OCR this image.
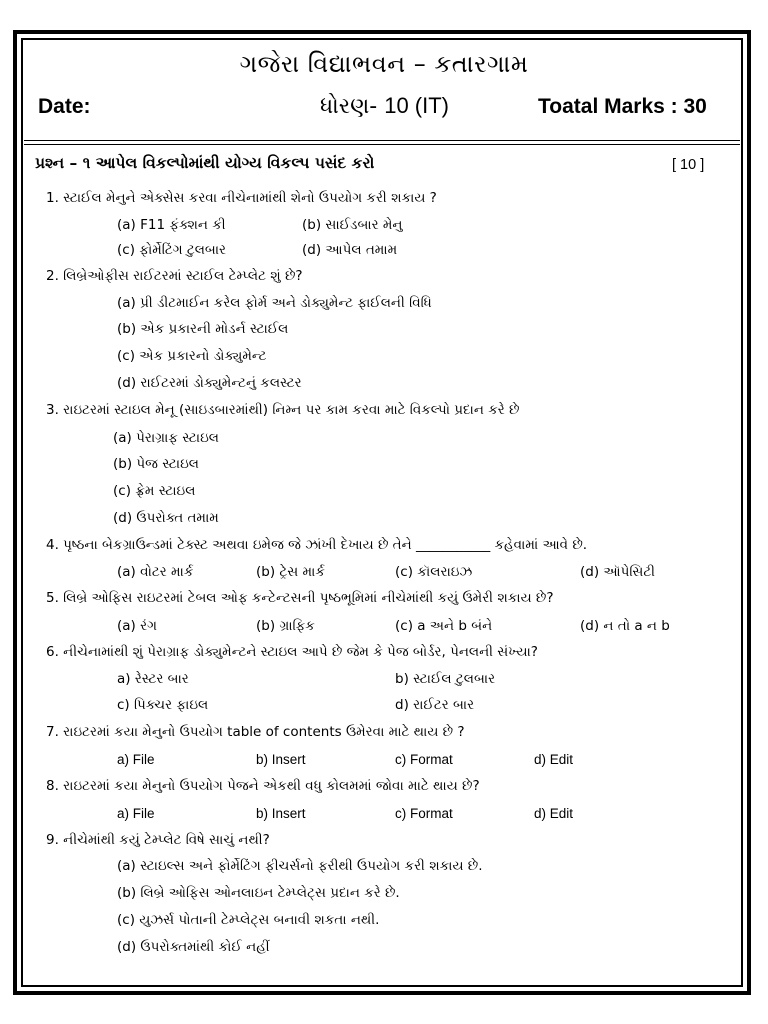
ગજેરા વિદ્યાભવન – કતારગામ
Date:	ધોરણ- 10 (IT)	Toatal Marks : 30
પ્રશ્ન – ૧ આપેલ વિકલ્પોમાંથી યોગ્ય વિકલ્પ પસંદ કરો	[ 10 ]
1. સ્ટાઈલ મેનુને એક્સેસ કરવા નીચેનામાંથી શેનો ઉપયોગ કરી શકાય ?
(a) F11 ફંક્શન કી	(b) સાઈડબાર મેનુ
(c) ફોર્મેટિંગ ટુલબાર	(d) આપેલ તમામ
2. લિબ્રેઓફીસ રાઈટરમાં સ્ટાઈલ ટેમ્પ્લેટ શું છે?
(a) પ્રી ડીટમાઈન કરેલ ફોર્મ અને ડોક્યુમેન્ટ ફાઈલની વિધિ
(b) એક પ્રકારની મોડર્ન સ્ટાઈલ
(c) એક પ્રકારનો ડોક્યુમેન્ટ
(d) રાઈટરમાં ડોક્યુમેન્ટનું કલસ્ટર
3. રાઇટરમાં સ્ટાઇલ મેનૂ (સાઇડબારમાંથી) નિમ્ન પર કામ કરવા માટે વિકલ્પો પ્રદાન કરે છે
(a) પેરાગ્રાફ સ્ટાઇલ
(b) પેજ સ્ટાઇલ
(c) ફ્રેમ સ્ટાઇલ
(d) ઉપરોક્ત તમામ
4. પૃષ્ઠના બેકગ્રાઉન્ડમાં ટેક્સ્ટ અથવા ઇમેજ જે ઝાંખી દેખાય છે તેને ___________ કહેવામાં આવે છે.
(a) વોટર માર્ક	(b) ટ્રેસ માર્ક	(c) કૉલરાઇઝ	(d) ઑપેસિટી
5. લિબ્રે ઓફિસ રાઇટરમાં ટેબલ ઓફ કન્ટેન્ટસની પૃષ્ઠભૂમિમાં નીચેમાંથી કયું ઉમેરી શકાય છે?
(a) રંગ	(b) ગ્રાફિક	(c) a અને b બંને	(d) ન તો a ન b
6. નીચેનામાંથી શું પેરાગ્રાફ ડોક્યુમેન્ટને સ્ટાઇલ આપે છે જેમ કે પેજ બોર્ડર, પેનલની સંખ્યા?
a) રેસ્ટર બાર	b) સ્ટાઈલ ટુલબાર
c) પિક્ચર ફાઇલ	d) રાઈટર બાર
7. રાઇટરમાં કયા મેનુનો ઉપયોગ table of contents ઉમેરવા માટે થાય છે ?
a) File	b) Insert	c) Format	d) Edit
8. રાઇટરમાં કયા મેનુનો ઉપયોગ પેજને એકથી વધુ કોલમમાં જોવા માટે થાય છે?
a) File	b) Insert	c) Format	d) Edit
9. નીચેમાંથી કયું ટેમ્પ્લેટ વિષે સાચું નથી?
(a) સ્ટાઇલ્સ અને ફોર્મેટિંગ ફીચર્સનો ફરીથી ઉપયોગ કરી શકાય છે.
(b) લિબ્રે ઓફિસ ઓનલાઇન ટેમ્પ્લેટ્સ પ્રદાન કરે છે.
(c) યુઝર્સ પોતાની ટેમ્પ્લેટ્સ બનાવી શકતા નથી.
(d) ઉપરોક્તમાંથી કોઈ નહીં
